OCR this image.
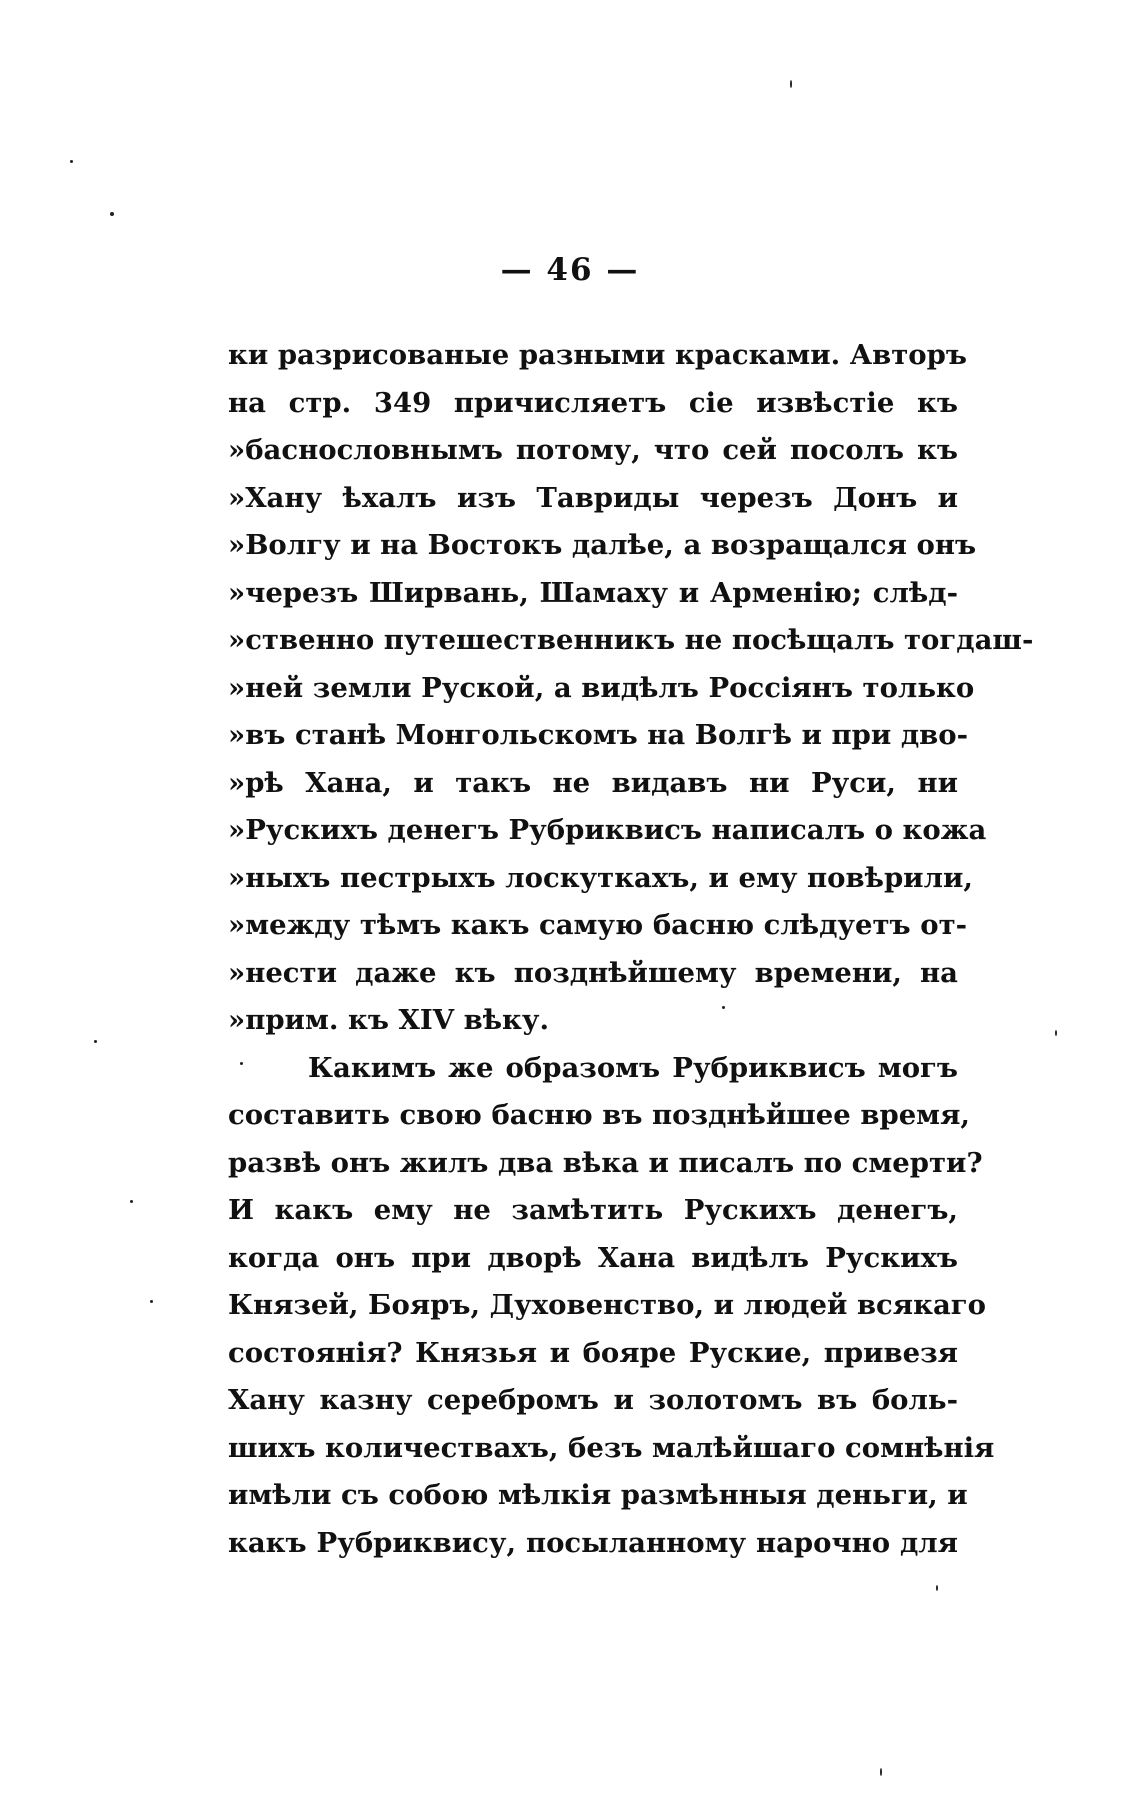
— 46 —
ки разрисованые разными красками. Авторъ
на стр. 349 причисляетъ сіе извѣстіе къ
»баснословнымъ потому, что сей посолъ къ
»Хану ѣхалъ изъ Тавриды черезъ Донъ и
»Волгу и на Востокъ далѣе, а возращался онъ
»черезъ Ширвань, Шамаху и Арменію; слѣд-
»ственно путешественникъ не посѣщалъ тогдаш-
»ней земли Руской, а видѣлъ Россіянъ только
»въ станѣ Монгольскомъ на Волгѣ и при дво-
»рѣ Хана, и такъ не видавъ ни Руси, ни
»Рускихъ денегъ Рубриквисъ написалъ о кожа
»ныхъ пестрыхъ лоскуткахъ, и ему повѣрили,
»между тѣмъ какъ самую басню слѣдуетъ от-
»нести даже къ позднѣйшему времени, на
»прим. къ XIV вѣку.
Какимъ же образомъ Рубриквисъ могъ
составить свою басню въ позднѣйшее время,
развѣ онъ жилъ два вѣка и писалъ по смерти?
И какъ ему не замѣтить Рускихъ денегъ,
когда онъ при дворѣ Хана видѣлъ Рускихъ
Князей, Бояръ, Духовенство, и людей всякаго
состоянія? Князья и бояре Руские, привезя
Хану казну серебромъ и золотомъ въ боль-
шихъ количествахъ, безъ малѣйшаго сомнѣнія
имѣли съ собою мѣлкія размѣнныя деньги, и
какъ Рубриквису, посыланному нарочно для
